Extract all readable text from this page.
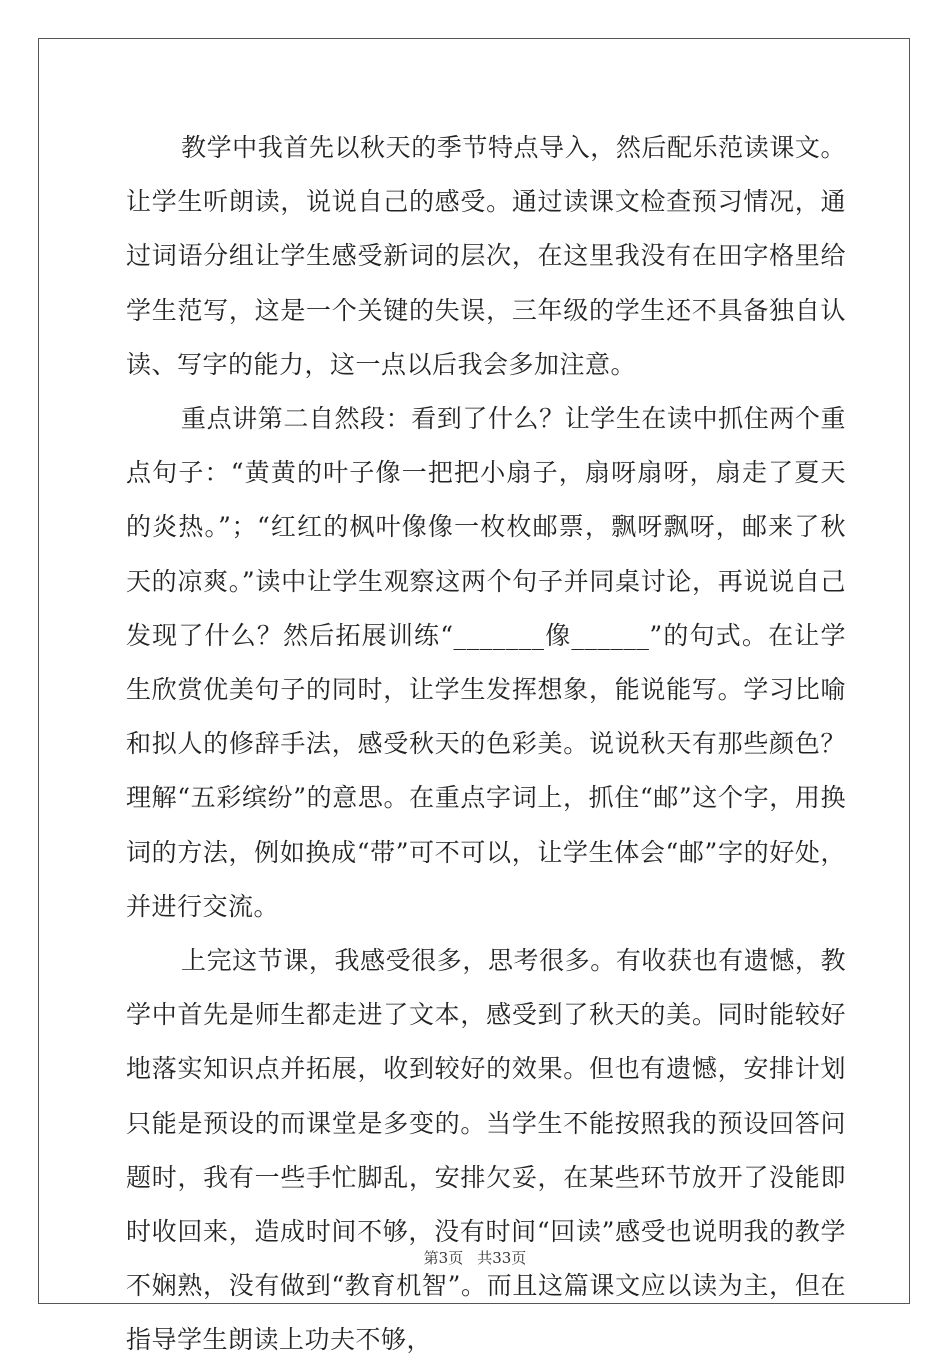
教学中我首先以秋天的季节特点导入，然后配乐范读课文。让学生听朗读，说说自己的感受。通过读课文检查预习情况，通过词语分组让学生感受新词的层次，在这里我没有在田字格里给学生范写，这是一个关键的失误，三年级的学生还不具备独自认读、写字的能力，这一点以后我会多加注意。

重点讲第二自然段：看到了什么？让学生在读中抓住两个重点句子：“黄黄的叶子像一把把小扇子，扇呀扇呀，扇走了夏天的炎热。”；“红红的枫叶像像一枚枚邮票，飘呀飘呀，邮来了秋天的凉爽。”读中让学生观察这两个句子并同桌讨论，再说说自己发现了什么？然后拓展训练“_______像______”的句式。在让学生欣赏优美句子的同时，让学生发挥想象，能说能写。学习比喻和拟人的修辞手法，感受秋天的色彩美。说说秋天有那些颜色？理解“五彩缤纷”的意思。在重点字词上，抓住“邮”这个字，用换词的方法，例如换成“带”可不可以，让学生体会“邮”字的好处，并进行交流。

上完这节课，我感受很多，思考很多。有收获也有遗憾，教学中首先是师生都走进了文本，感受到了秋天的美。同时能较好地落实知识点并拓展，收到较好的效果。但也有遗憾，安排计划只能是预设的而课堂是多变的。当学生不能按照我的预设回答问题时，我有一些手忙脚乱，安排欠妥，在某些环节放开了没能即时收回来，造成时间不够，没有时间“回读”感受也说明我的教学不娴熟，没有做到“教育机智”。而且这篇课文应以读为主，但在指导学生朗读上功夫不够，

第3页 共33页
